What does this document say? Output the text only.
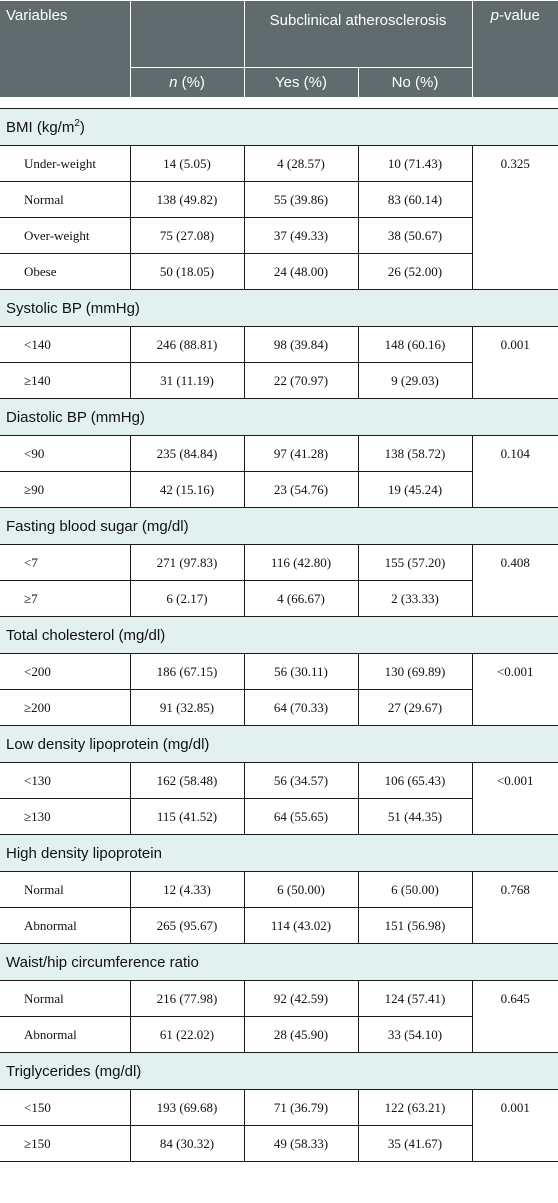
Variables		Subclinical atherosclerosis		p-value
	n (%)	Yes (%)	No (%)	

BMI $(kg/m^2)$				
Under-weight	14 (5.05)	4 (28.57)	10 (71.43)	0.325
Normal	138 (49.82)	55 (39.86)	83 (60.14)	
Over-weight	75 (27.08)	37 (49.33)	38 (50.67)	
Obese	50 (18.05)	24 (48.00)	26 (52.00)	
Systolic BP (mmHg)				
<140	246 (88.81)	98 (39.84)	148 (60.16)	0.001
≥140	31 (11.19)	22 (70.97)	9 (29.03)	
Diastolic BP (mmHg)				
<90	235 (84.84)	97 (41.28)	138 (58.72)	0.104
≥90	42 (15.16)	23 (54.76)	19 (45.24)	
Fasting blood sugar (mg/dl)				
<7	271 (97.83)	116 (42.80)	155 (57.20)	0.408
≥7	6 (2.17)	4 (66.67)	2 (33.33)	
Total cholesterol (mg/dl)				
<200	186 (67.15)	56 (30.11)	130 (69.89)	<0.001
≥200	91 (32.85)	64 (70.33)	27 (29.67)	
Low density lipoprotein (mg/dl)				
<130	162 (58.48)	56 (34.57)	106 (65.43)	<0.001
≥130	115 (41.52)	64 (55.65)	51 (44.35)	
High density lipoprotein				
Normal	12 (4.33)	6 (50.00)	6 (50.00)	0.768
Abnormal	265 (95.67)	114 (43.02)	151 (56.98)	
Waist/hip circumference ratio				
Normal	216 (77.98)	92 (42.59)	124 (57.41)	0.645
Abnormal	61 (22.02)	28 (45.90)	33 (54.10)	
Triglycerides (mg/dl)				
<150	193 (69.68)	71 (36.79)	122 (63.21)	0.001
≥150	84 (30.32)	49 (58.33)	35 (41.67)	
